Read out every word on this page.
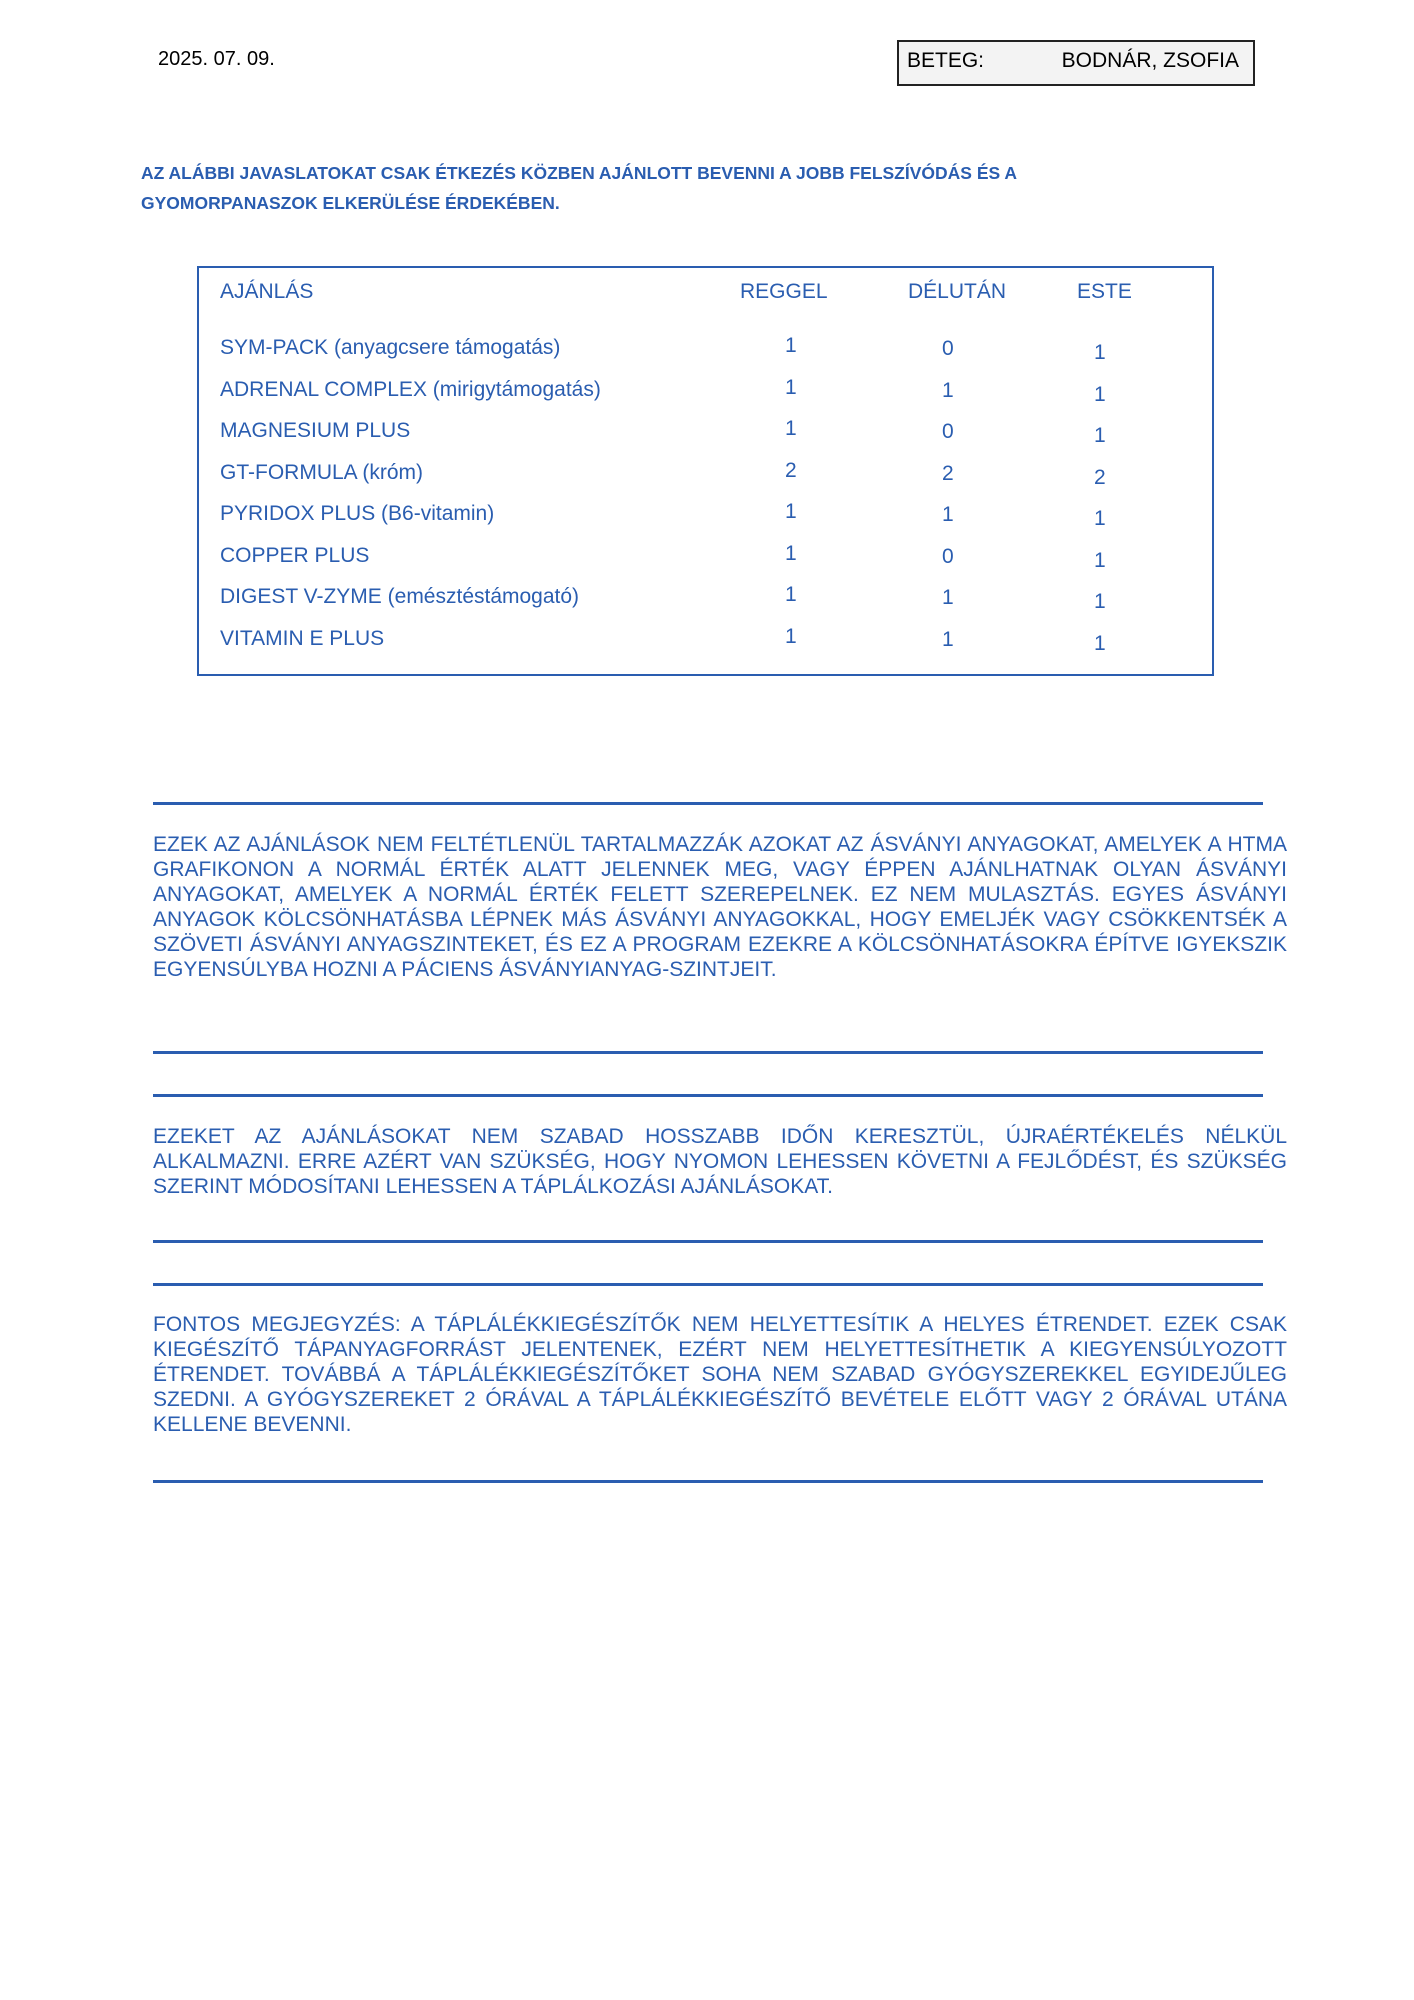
2025. 07. 09.	BETEG:	BODNÁR, ZSOFIA
AZ ALÁBBI JAVASLATOKAT CSAK ÉTKEZÉS KÖZBEN AJÁNLOTT BEVENNI A JOBB FELSZÍVÓDÁS ÉS A GYOMORPANASZOK ELKERÜLÉSE ÉRDEKÉBEN.
AJÁNLÁS	REGGEL	DÉLUTÁN	ESTE
SYM-PACK (anyagcsere támogatás)	1	0	1
ADRENAL COMPLEX (mirigytámogatás)	1	1	1
MAGNESIUM PLUS	1	0	1
GT-FORMULA (króm)	2	2	2
PYRIDOX PLUS (B6-vitamin)	1	1	1
COPPER PLUS	1	0	1
DIGEST V-ZYME (emésztéstámogató)	1	1	1
VITAMIN E PLUS	1	1	1
EZEK AZ AJÁNLÁSOK NEM FELTÉTLENÜL TARTALMAZZÁK AZOKAT AZ ÁSVÁNYI ANYAGOKAT, AMELYEK A HTMA GRAFIKONON A NORMÁL ÉRTÉK ALATT JELENNEK MEG, VAGY ÉPPEN AJÁNLHATNAK OLYAN ÁSVÁNYI ANYAGOKAT, AMELYEK A NORMÁL ÉRTÉK FELETT SZEREPELNEK. EZ NEM MULASZTÁS. EGYES ÁSVÁNYI ANYAGOK KÖLCSÖNHATÁSBA LÉPNEK MÁS ÁSVÁNYI ANYAGOKKAL, HOGY EMELJÉK VAGY CSÖKKENTSÉK A SZÖVETI ÁSVÁNYI ANYAGSZINTEKET, ÉS EZ A PROGRAM EZEKRE A KÖLCSÖNHATÁSOKRA ÉPÍTVE IGYEKSZIK EGYENSÚLYBA HOZNI A PÁCIENS ÁSVÁNYIANYAG-SZINTJEIT.
EZEKET AZ AJÁNLÁSOKAT NEM SZABAD HOSSZABB IDŐN KERESZTÜL, ÚJRAÉRTÉKELÉS NÉLKÜL ALKALMAZNI. ERRE AZÉRT VAN SZÜKSÉG, HOGY NYOMON LEHESSEN KÖVETNI A FEJLŐDÉST, ÉS SZÜKSÉG SZERINT MÓDOSÍTANI LEHESSEN A TÁPLÁLKOZÁSI AJÁNLÁSOKAT.
FONTOS MEGJEGYZÉS: A TÁPLÁLÉKKIEGÉSZÍTŐK NEM HELYETTESÍTIK A HELYES ÉTRENDET. EZEK CSAK KIEGÉSZÍTŐ TÁPANYAGFORRÁST JELENTENEK, EZÉRT NEM HELYETTESÍTHETIK A KIEGYENSÚLYOZOTT ÉTRENDET. TOVÁBBÁ A TÁPLÁLÉKKIEGÉSZÍTŐKET SOHA NEM SZABAD GYÓGYSZEREKKEL EGYIDEJŰLEG SZEDNI. A GYÓGYSZEREKET 2 ÓRÁVAL A TÁPLÁLÉKKIEGÉSZÍTŐ BEVÉTELE ELŐTT VAGY 2 ÓRÁVAL UTÁNA KELLENE BEVENNI.
